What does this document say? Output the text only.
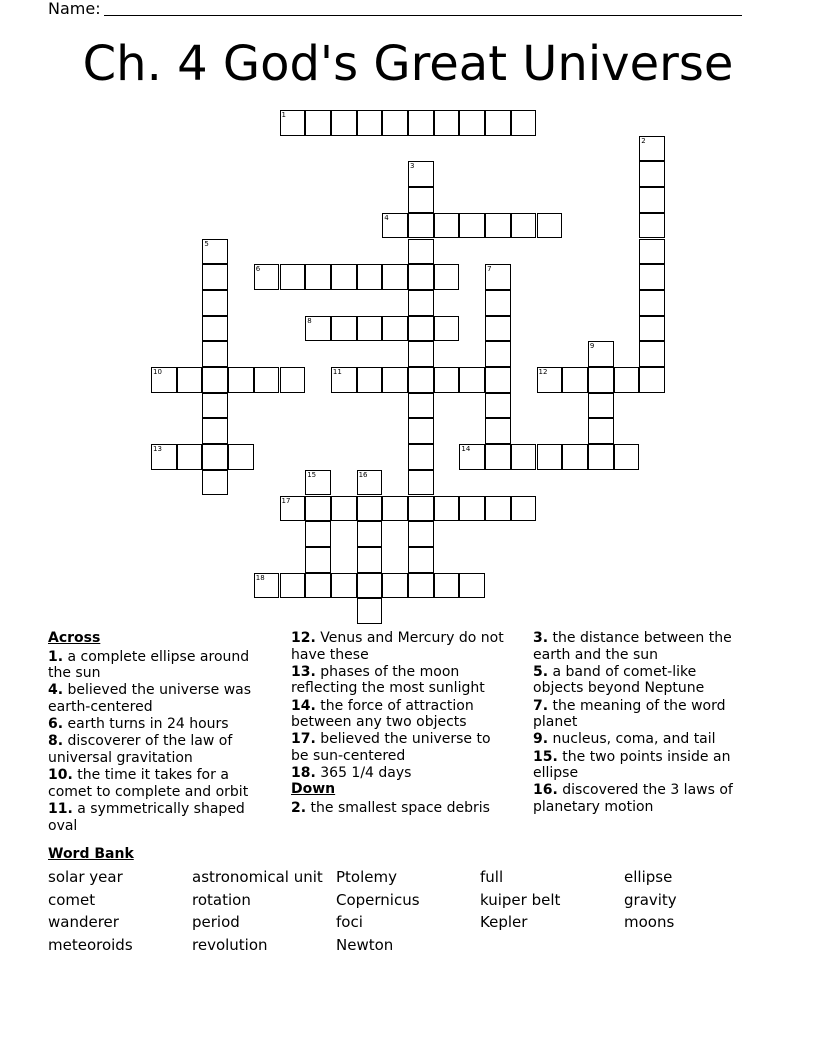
Name:
Ch. 4 God's Great Universe
1
2
3
4
5
6	7
8
9
10	11	12
13	14
15	16
17
18
Across
1. a complete ellipse around the sun
4. believed the universe was earth-centered
6. earth turns in 24 hours
8. discoverer of the law of universal gravitation
10. the time it takes for a comet to complete and orbit
11. a symmetrically shaped oval
12. Venus and Mercury do not have these
13. phases of the moon reflecting the most sunlight
14. the force of attraction between any two objects
17. believed the universe to be sun-centered
18. 365 1/4 days
Down
2. the smallest space debris
3. the distance between the earth and the sun
5. a band of comet-like objects beyond Neptune
7. the meaning of the word planet
9. nucleus, coma, and tail
15. the two points inside an ellipse
16. discovered the 3 laws of planetary motion
Word Bank
solar year
comet
wanderer
meteoroids
astronomical unit
rotation
period
revolution
Ptolemy
Copernicus
foci
Newton
full
kuiper belt
Kepler
ellipse
gravity
moons
